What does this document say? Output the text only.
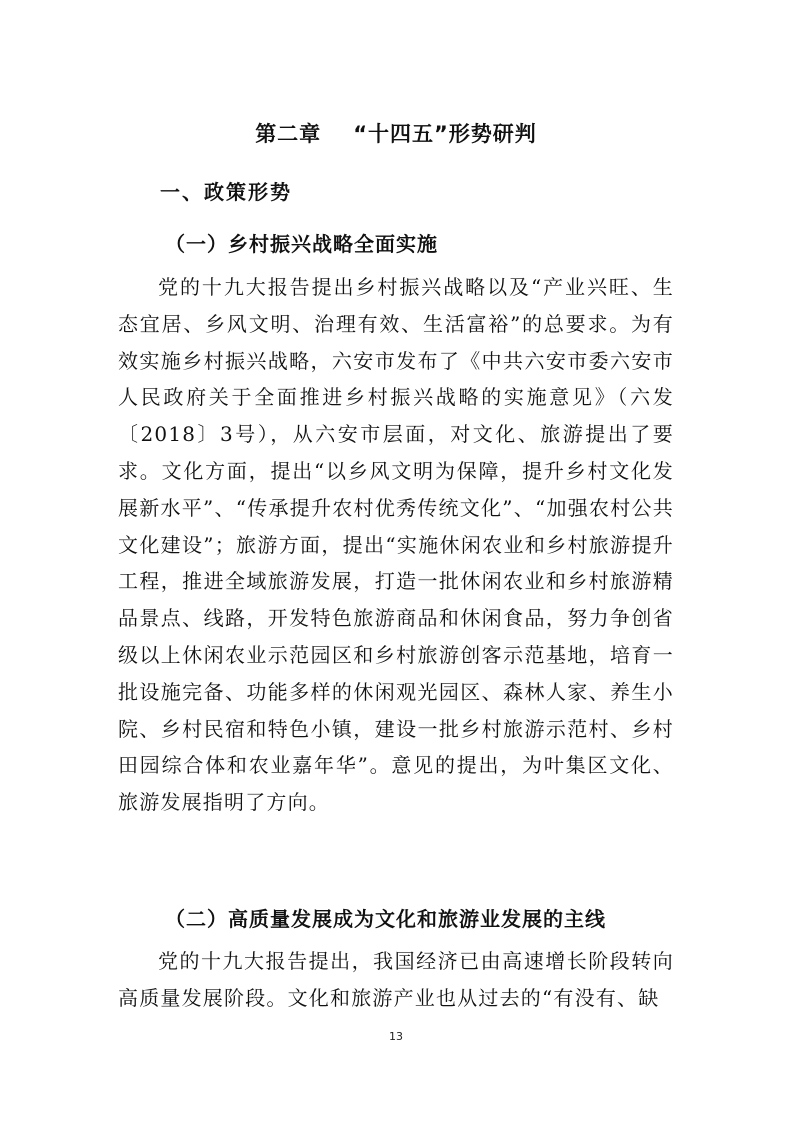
第二章 “十四五”形势研判
一、政策形势
（一）乡村振兴战略全面实施
党的十九大报告提出乡村振兴战略以及“产业兴旺、生态宜居、乡风文明、治理有效、生活富裕”的总要求。为有效实施乡村振兴战略，六安市发布了《中共六安市委六安市人民政府关于全面推进乡村振兴战略的实施意见》（六发〔2018〕3号），从六安市层面，对文化、旅游提出了要求。文化方面，提出“以乡风文明为保障，提升乡村文化发展新水平”、“传承提升农村优秀传统文化”、“加强农村公共文化建设”；旅游方面，提出“实施休闲农业和乡村旅游提升工程，推进全域旅游发展，打造一批休闲农业和乡村旅游精品景点、线路，开发特色旅游商品和休闲食品，努力争创省级以上休闲农业示范园区和乡村旅游创客示范基地，培育一批设施完备、功能多样的休闲观光园区、森林人家、养生小院、乡村民宿和特色小镇，建设一批乡村旅游示范村、乡村田园综合体和农业嘉年华”。意见的提出，为叶集区文化、旅游发展指明了方向。
（二）高质量发展成为文化和旅游业发展的主线
党的十九大报告提出，我国经济已由高速增长阶段转向高质量发展阶段。文化和旅游产业也从过去的“有没有、缺
13
